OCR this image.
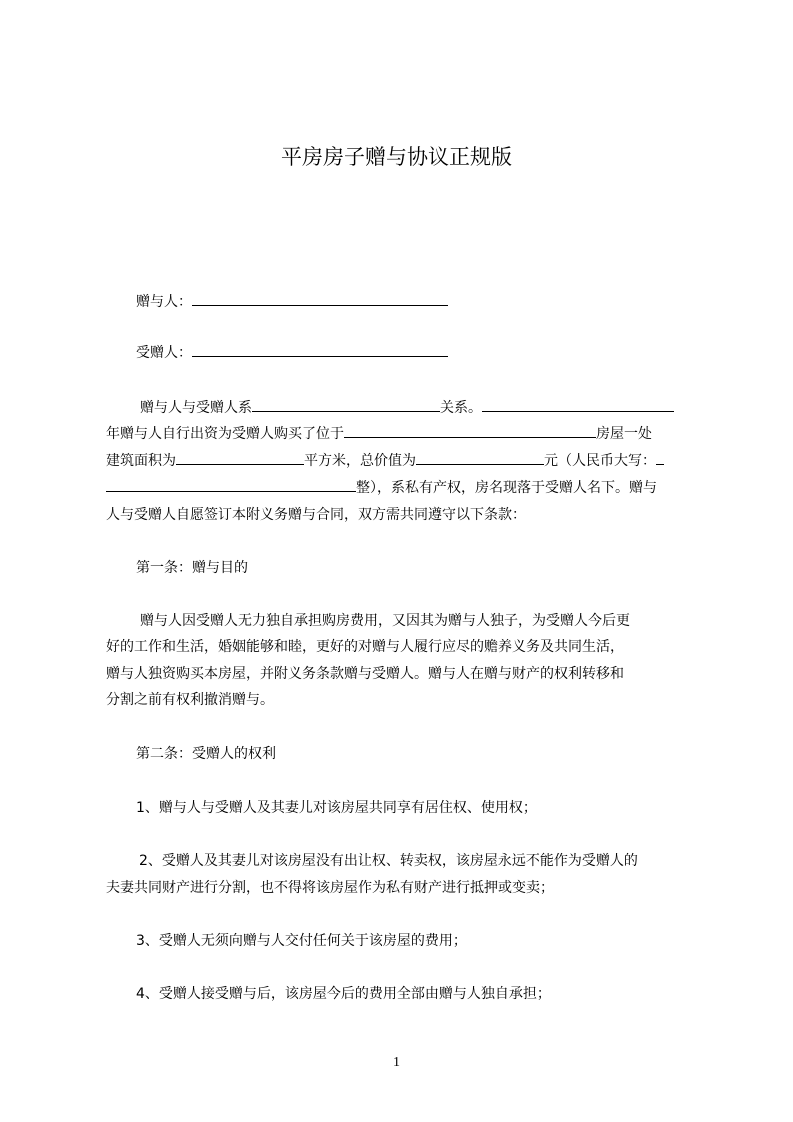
平房房子赠与协议正规版
赠与人：
受赠人：
赠与人与受赠人系	关系。
年赠与人自行出资为受赠人购买了位于	房屋一处
建筑面积为	平方米，总价值为	元（人民币大写：
整），系私有产权，房名现落于受赠人名下。赠与
人与受赠人自愿签订本附义务赠与合同，双方需共同遵守以下条款：
第一条：赠与目的
赠与人因受赠人无力独自承担购房费用，又因其为赠与人独子，为受赠人今后更
好的工作和生活，婚姻能够和睦，更好的对赠与人履行应尽的赡养义务及共同生活，
赠与人独资购买本房屋，并附义务条款赠与受赠人。赠与人在赠与财产的权利转移和
分割之前有权利撤消赠与。
第二条：受赠人的权利
1、赠与人与受赠人及其妻儿对该房屋共同享有居住权、使用权；
2、受赠人及其妻儿对该房屋没有出让权、转卖权，该房屋永远不能作为受赠人的
夫妻共同财产进行分割，也不得将该房屋作为私有财产进行抵押或变卖；
3、受赠人无须向赠与人交付任何关于该房屋的费用；
4、受赠人接受赠与后，该房屋今后的费用全部由赠与人独自承担；
1
